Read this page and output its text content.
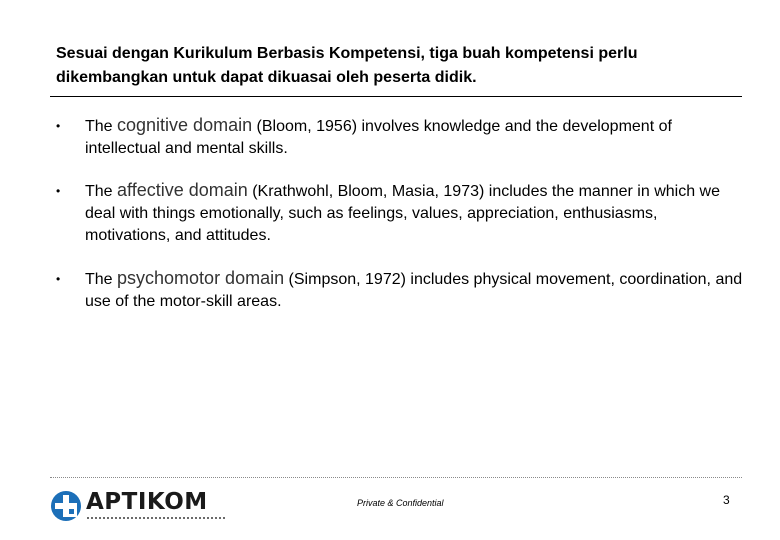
Sesuai dengan Kurikulum Berbasis Kompetensi, tiga buah kompetensi perlu dikembangkan untuk dapat dikuasai oleh peserta didik.
• The cognitive domain (Bloom, 1956) involves knowledge and the development of intellectual and mental skills.
• The affective domain (Krathwohl, Bloom, Masia, 1973) includes the manner in which we deal with things emotionally, such as feelings, values, appreciation, enthusiasms, motivations, and attitudes.
• The psychomotor domain (Simpson, 1972) includes physical movement, coordination, and use of the motor-skill areas.
APTIKOM	Private & Confidential	3
